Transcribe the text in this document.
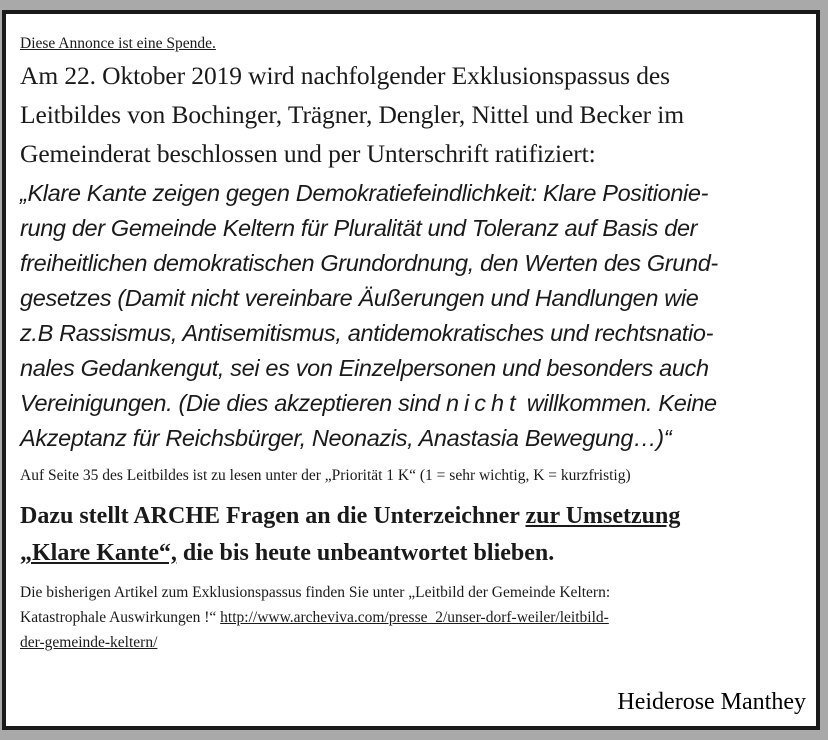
Diese Annonce ist eine Spende.
Am 22. Oktober 2019 wird nachfolgender Exklusionspassus des
Leitbildes von Bochinger, Trägner, Dengler, Nittel und Becker im
Gemeinderat beschlossen und per Unterschrift ratifiziert:
„Klare Kante zeigen gegen Demokratiefeindlichkeit: Klare Positionie-
rung der Gemeinde Keltern für Pluralität und Toleranz auf Basis der
freiheitlichen demokratischen Grundordnung, den Werten des Grund-
gesetzes (Damit nicht vereinbare Äußerungen und Handlungen wie
z.B Rassismus, Antisemitismus, antidemokratisches und rechtsnatio-
nales Gedankengut, sei es von Einzelpersonen und besonders auch
Vereinigungen. (Die dies akzeptieren sind nicht willkommen. Keine
Akzeptanz für Reichsbürger, Neonazis, Anastasia Bewegung…)“
Auf Seite 35 des Leitbildes ist zu lesen unter der „Priorität 1 K“ (1 = sehr wichtig, K = kurzfristig)
Dazu stellt ARCHE Fragen an die Unterzeichner zur Umsetzung
„Klare Kante“, die bis heute unbeantwortet blieben.
Die bisherigen Artikel zum Exklusionspassus finden Sie unter „Leitbild der Gemeinde Keltern:
Katastrophale Auswirkungen !“ http://www.archeviva.com/presse_2/unser-dorf-weiler/leitbild-
der-gemeinde-keltern/
Heiderose Manthey
